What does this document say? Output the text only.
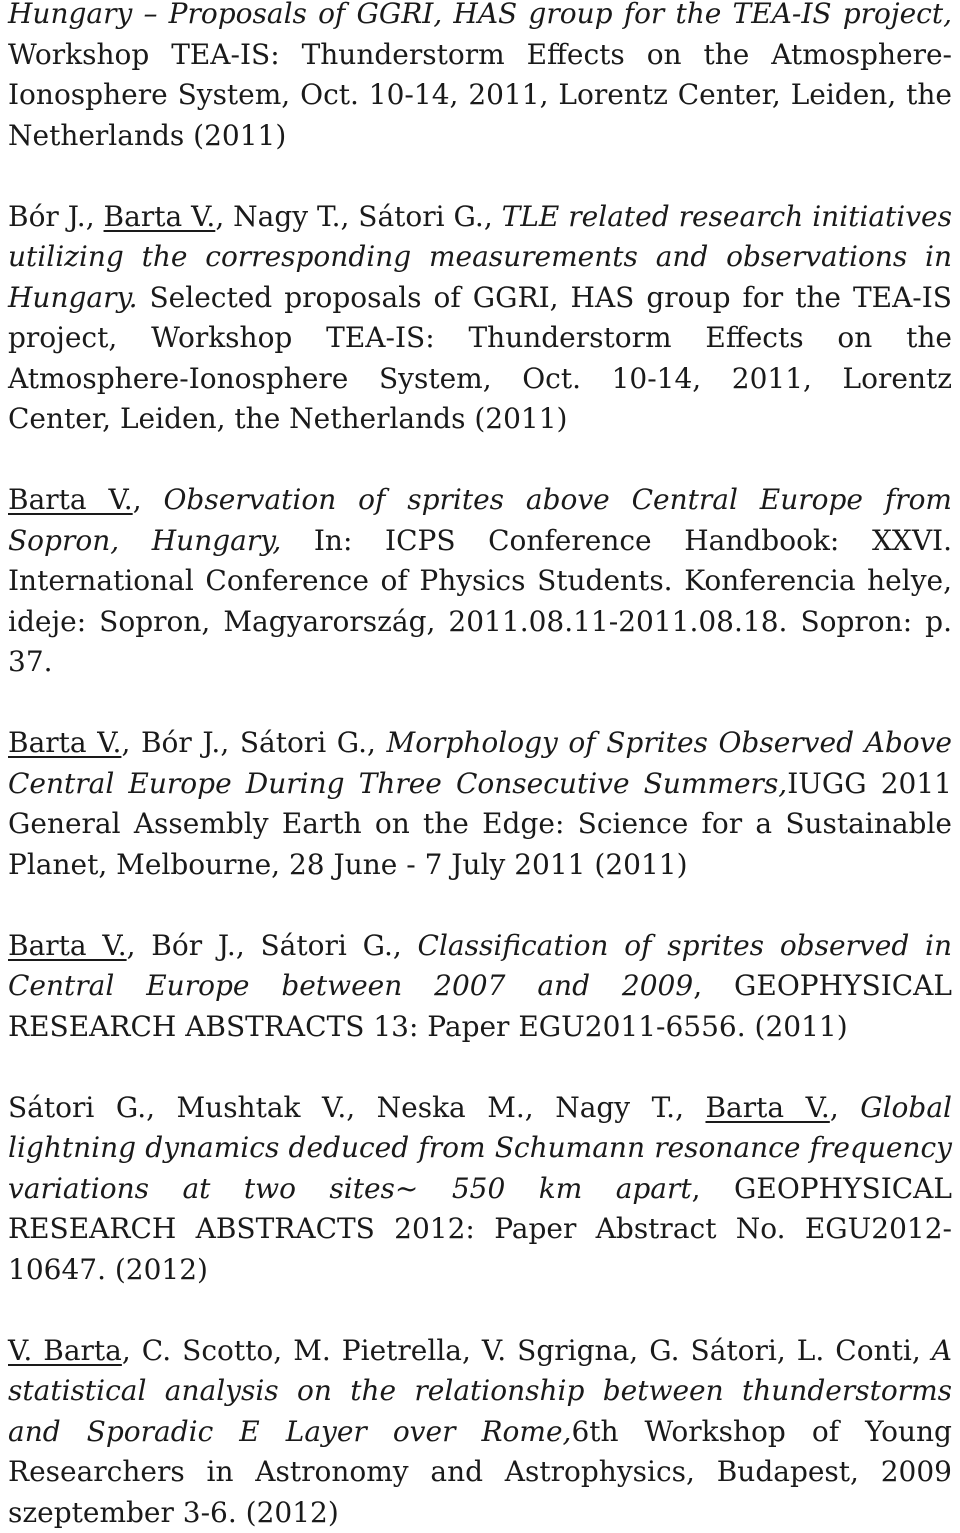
Hungary – Proposals of GGRI, HAS group for the TEA-IS project, Workshop TEA-IS: Thunderstorm Effects on the Atmosphere-Ionosphere System, Oct. 10-14, 2011, Lorentz Center, Leiden, the Netherlands (2011)

Bór J., Barta V., Nagy T., Sátori G., TLE related research initiatives utilizing the corresponding measurements and observations in Hungary. Selected proposals of GGRI, HAS group for the TEA-IS project, Workshop TEA-IS: Thunderstorm Effects on the Atmosphere-Ionosphere System, Oct. 10-14, 2011, Lorentz Center, Leiden, the Netherlands (2011)

Barta V., Observation of sprites above Central Europe from Sopron, Hungary, In: ICPS Conference Handbook: XXVI. International Conference of Physics Students. Konferencia helye, ideje: Sopron, Magyarország, 2011.08.11-2011.08.18. Sopron: p. 37.

Barta V., Bór J., Sátori G., Morphology of Sprites Observed Above Central Europe During Three Consecutive Summers,IUGG 2011 General Assembly Earth on the Edge: Science for a Sustainable Planet, Melbourne, 28 June - 7 July 2011 (2011)

Barta V., Bór J., Sátori G., Classification of sprites observed in Central Europe between 2007 and 2009, GEOPHYSICAL RESEARCH ABSTRACTS 13: Paper EGU2011-6556. (2011)

Sátori G., Mushtak V., Neska M., Nagy T., Barta V., Global lightning dynamics deduced from Schumann resonance frequency variations at two sites~ 550 km apart, GEOPHYSICAL RESEARCH ABSTRACTS 2012: Paper Abstract No. EGU2012-10647. (2012)

V. Barta, C. Scotto, M. Pietrella, V. Sgrigna, G. Sátori, L. Conti, A statistical analysis on the relationship between thunderstorms and Sporadic E Layer over Rome,6th Workshop of Young Researchers in Astronomy and Astrophysics, Budapest, 2009 szeptember 3-6. (2012)
